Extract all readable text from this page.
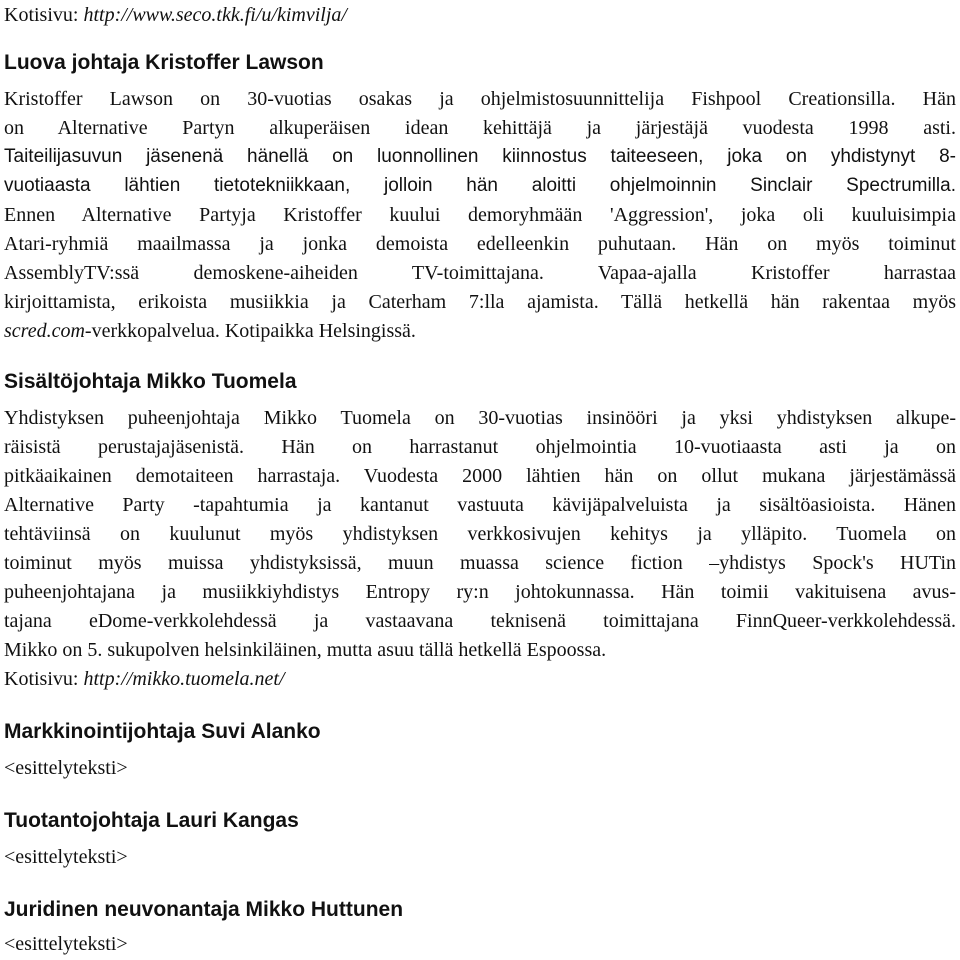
Kotisivu: http://www.seco.tkk.fi/u/kimvilja/
Luova johtaja Kristoffer Lawson
Kristoffer Lawson on 30-vuotias osakas ja ohjelmistosuunnittelija Fishpool Creationsilla. Hän
on Alternative Partyn alkuperäisen idean kehittäjä ja järjestäjä vuodesta 1998 asti.
Taiteilijasuvun jäsenenä hänellä on luonnollinen kiinnostus taiteeseen, joka on yhdistynyt 8-
vuotiaasta lähtien tietotekniikkaan, jolloin hän aloitti ohjelmoinnin Sinclair Spectrumilla.
Ennen Alternative Partyja Kristoffer kuului demoryhmään 'Aggression', joka oli kuuluisimpia
Atari-ryhmiä maailmassa ja jonka demoista edelleenkin puhutaan. Hän on myös toiminut
AssemblyTV:ssä demoskene-aiheiden TV-toimittajana. Vapaa-ajalla Kristoffer harrastaa
kirjoittamista, erikoista musiikkia ja Caterham 7:lla ajamista. Tällä hetkellä hän rakentaa myös
scred.com-verkkopalvelua. Kotipaikka Helsingissä.
Sisältöjohtaja Mikko Tuomela
Yhdistyksen puheenjohtaja Mikko Tuomela on 30-vuotias insinööri ja yksi yhdistyksen alkupe-
räisistä perustajajäsenistä. Hän on harrastanut ohjelmointia 10-vuotiaasta asti ja on
pitkäaikainen demotaiteen harrastaja. Vuodesta 2000 lähtien hän on ollut mukana järjestämässä
Alternative Party -tapahtumia ja kantanut vastuuta kävijäpalveluista ja sisältöasioista. Hänen
tehtäviinsä on kuulunut myös yhdistyksen verkkosivujen kehitys ja ylläpito. Tuomela on
toiminut myös muissa yhdistyksissä, muun muassa science fiction –yhdistys Spock's HUTin
puheenjohtajana ja musiikkiyhdistys Entropy ry:n johtokunnassa. Hän toimii vakituisena avus-
tajana eDome-verkkolehdessä ja vastaavana teknisenä toimittajana FinnQueer-verkkolehdessä.
Mikko on 5. sukupolven helsinkiläinen, mutta asuu tällä hetkellä Espoossa.
Kotisivu: http://mikko.tuomela.net/
Markkinointijohtaja Suvi Alanko
<esittelyteksti>
Tuotantojohtaja Lauri Kangas
<esittelyteksti>
Juridinen neuvonantaja Mikko Huttunen
<esittelyteksti>
